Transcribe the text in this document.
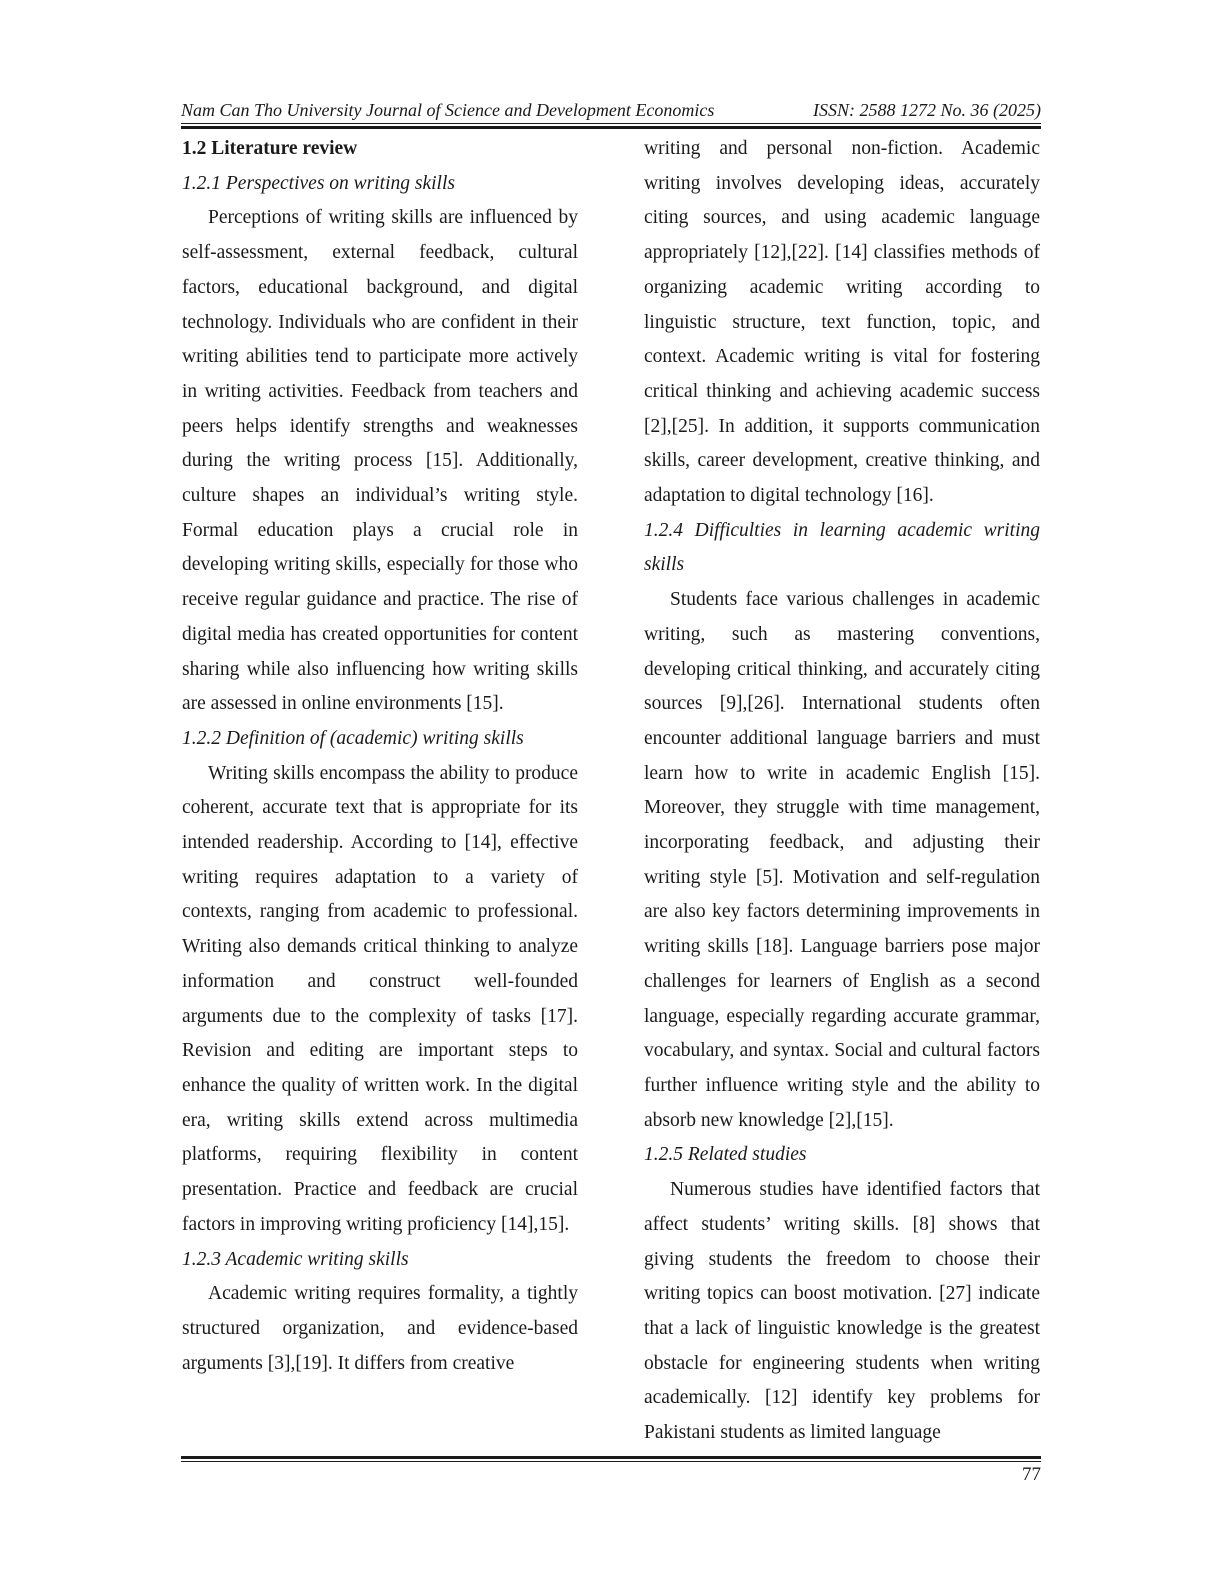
Nam Can Tho University Journal of Science and Development Economics	ISSN: 2588 1272 No. 36 (2025)
1.2 Literature review
1.2.1 Perspectives on writing skills

Perceptions of writing skills are influenced by self-assessment, external feedback, cultural factors, educational background, and digital technology. Individuals who are confident in their writing abilities tend to participate more actively in writing activities. Feedback from teachers and peers helps identify strengths and weaknesses during the writing process [15]. Additionally, culture shapes an individual’s writing style. Formal education plays a crucial role in developing writing skills, especially for those who receive regular guidance and practice. The rise of digital media has created opportunities for content sharing while also influencing how writing skills are assessed in online environments [15].

1.2.2 Definition of (academic) writing skills

Writing skills encompass the ability to produce coherent, accurate text that is appropriate for its intended readership. According to [14], effective writing requires adaptation to a variety of contexts, ranging from academic to professional. Writing also demands critical thinking to analyze information and construct well-founded arguments due to the complexity of tasks [17]. Revision and editing are important steps to enhance the quality of written work. In the digital era, writing skills extend across multimedia platforms, requiring flexibility in content presentation. Practice and feedback are crucial factors in improving writing proficiency [14],15].

1.2.3 Academic writing skills

Academic writing requires formality, a tightly structured organization, and evidence-based arguments [3],[19]. It differs from creative

writing and personal non-fiction. Academic writing involves developing ideas, accurately citing sources, and using academic language appropriately [12],[22]. [14] classifies methods of organizing academic writing according to linguistic structure, text function, topic, and context. Academic writing is vital for fostering critical thinking and achieving academic success [2],[25]. In addition, it supports communication skills, career development, creative thinking, and adaptation to digital technology [16].

1.2.4 Difficulties in learning academic writing skills

Students face various challenges in academic writing, such as mastering conventions, developing critical thinking, and accurately citing sources [9],[26]. International students often encounter additional language barriers and must learn how to write in academic English [15]. Moreover, they struggle with time management, incorporating feedback, and adjusting their writing style [5]. Motivation and self-regulation are also key factors determining improvements in writing skills [18]. Language barriers pose major challenges for learners of English as a second language, especially regarding accurate grammar, vocabulary, and syntax. Social and cultural factors further influence writing style and the ability to absorb new knowledge [2],[15].

1.2.5 Related studies

Numerous studies have identified factors that affect students’ writing skills. [8] shows that giving students the freedom to choose their writing topics can boost motivation. [27] indicate that a lack of linguistic knowledge is the greatest obstacle for engineering students when writing academically. [12] identify key problems for Pakistani students as limited language

77
